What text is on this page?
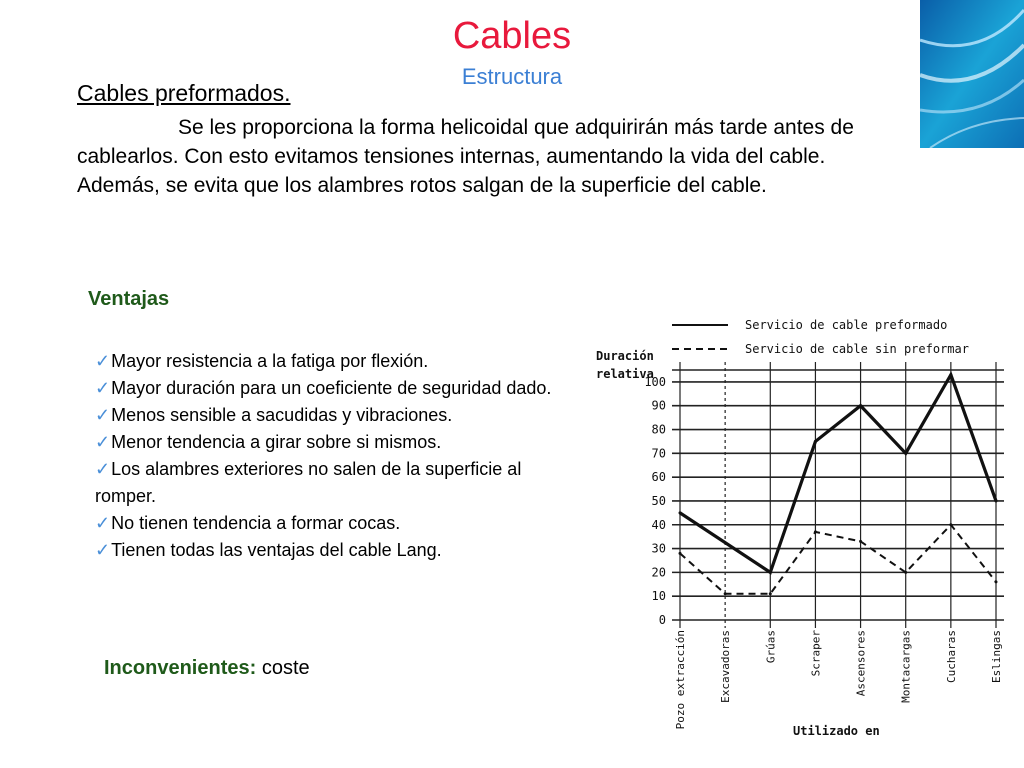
Cables
Estructura
Cables preformados.

Se les proporciona la forma helicoidal que adquirirán más tarde antes de cablearlos. Con esto evitamos tensiones internas, aumentando la vida del cable. Además, se evita que los alambres rotos salgan de la superficie del cable.

Ventajas
✓Mayor resistencia a la fatiga por flexión.
✓Mayor duración para un coeficiente de seguridad dado.
✓Menos sensible a sacudidas y vibraciones.
✓Menor tendencia a girar sobre si mismos.
✓Los alambres exteriores no salen de la superficie al romper.
✓No tienen tendencia a formar cocas.
✓Tienen todas las ventajas del cable Lang.
Inconvenientes: coste
0
10
20
30
40
50
60
70
80
90
100
Pozo extracción	Excavadoras	Grúas	Scraper	Ascensores	Montacargas	Cucharas	Eslingas
Duración
relativa
Utilizado en
Servicio de cable preformado
Servicio de cable sin preformar
